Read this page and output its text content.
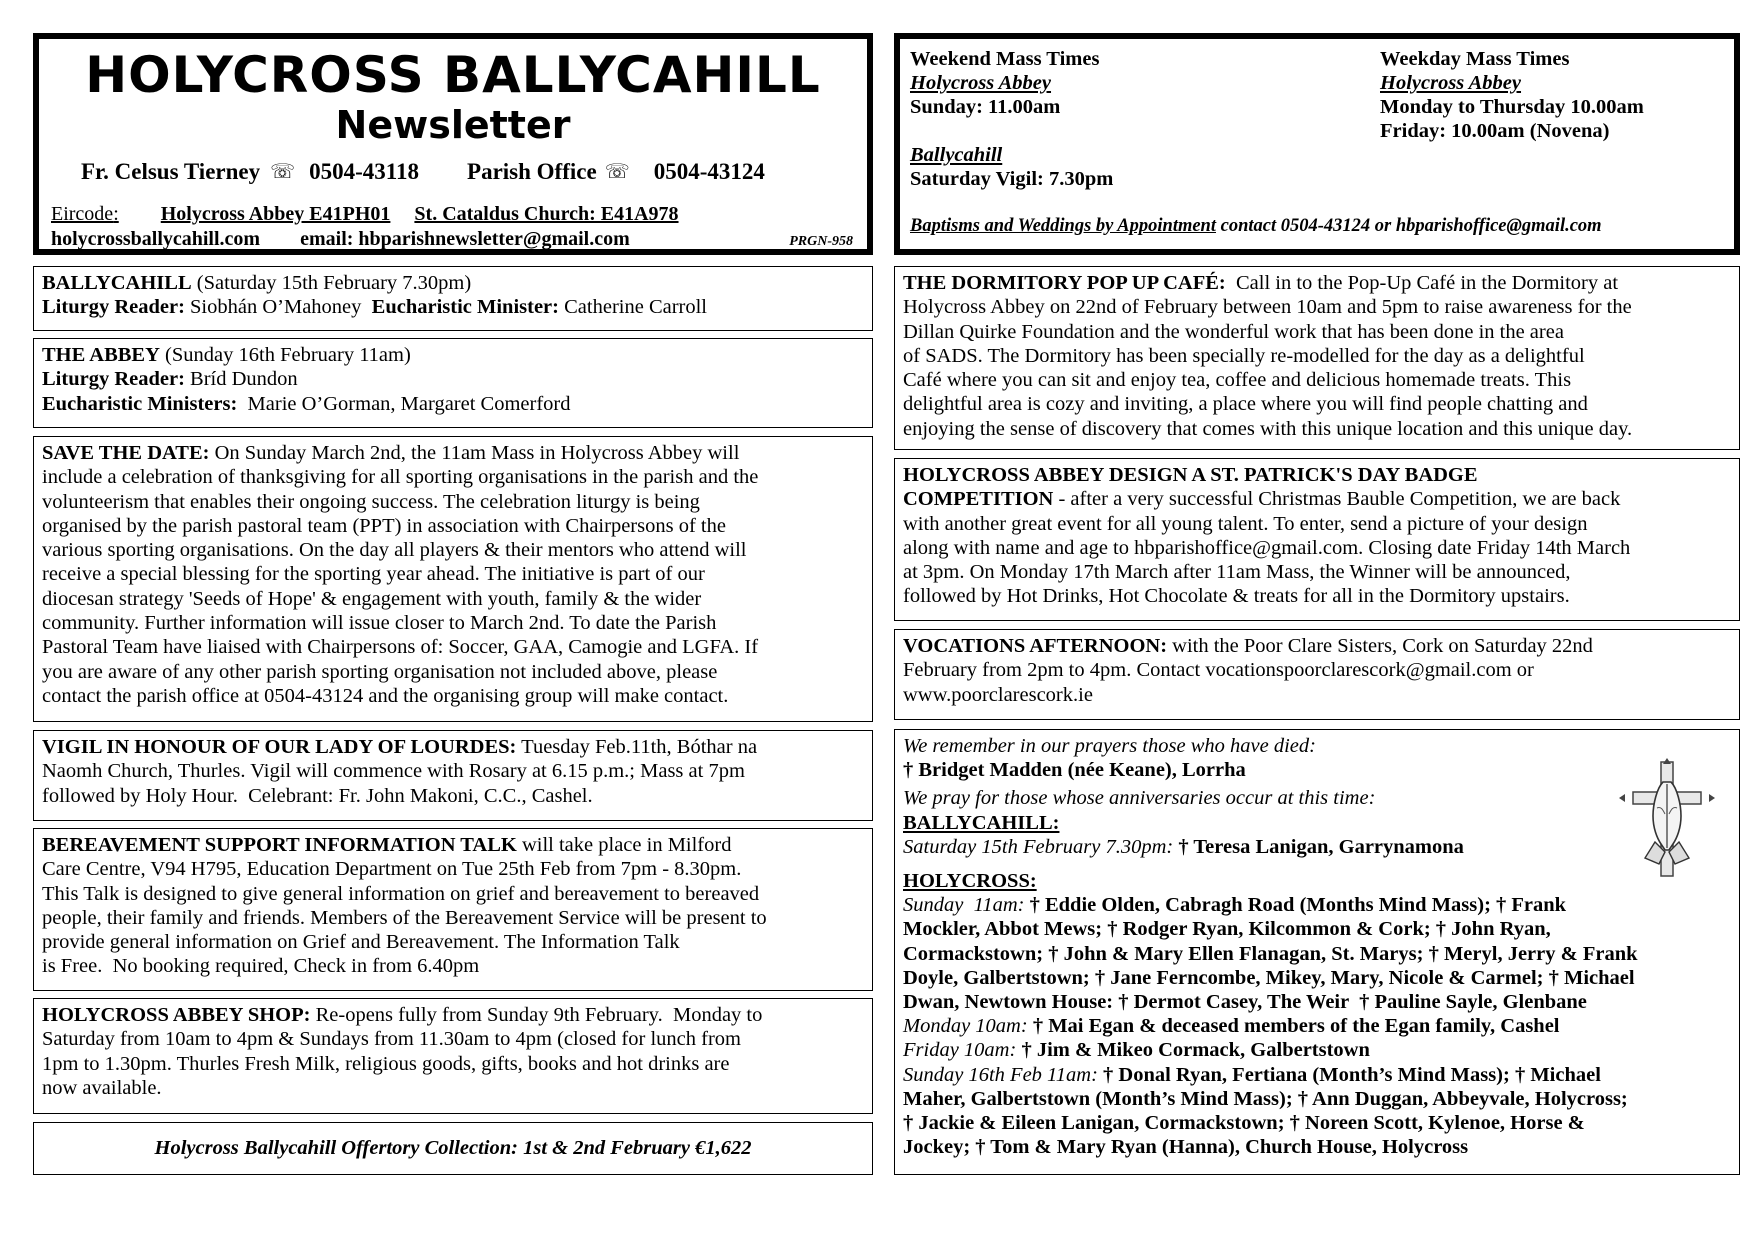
HOLYCROSS BALLYCAHILL
Newsletter
Fr. Celsus Tierney ☏ 0504-43118 Parish Office ☏ 0504-43124
Eircode : Holycross Abbey E41PH01 St. Cataldus Church: E41A978
holycrossballycahill.com email: hbparishnewsletter@gmail.com	PRGN-958
BALLYCAHILL (Saturday 15th February 7.30pm)
Liturgy Reader: Siobhán O’Mahoney  Eucharistic Minister: Catherine Carroll
THE ABBEY (Sunday 16th February 11am)
Liturgy Reader: Bríd Dundon
Eucharistic Ministers:  Marie O’Gorman, Margaret Comerford
SAVE THE DATE: On Sunday March 2nd, the 11am Mass in Holycross Abbey will
include a celebration of thanksgiving for all sporting organisations in the parish and the
volunteerism that enables their ongoing success. The celebration liturgy is being
organised by the parish pastoral team (PPT) in association with Chairpersons of the
various sporting organisations. On the day all players & their mentors who attend will
receive a special blessing for the sporting year ahead. The initiative is part of our
diocesan strategy 'Seeds of Hope' & engagement with youth, family & the wider
community. Further information will issue closer to March 2nd. To date the Parish
Pastoral Team have liaised with Chairpersons of: Soccer, GAA, Camogie and LGFA. If
you are aware of any other parish sporting organisation not included above, please
contact the parish office at 0504-43124 and the organising group will make contact.
VIGIL IN HONOUR OF OUR LADY OF LOURDES: Tuesday Feb.11th, Bóthar na
Naomh Church, Thurles. Vigil will commence with Rosary at 6.15 p.m.; Mass at 7pm
followed by Holy Hour.  Celebrant: Fr. John Makoni, C.C., Cashel.
BEREAVEMENT SUPPORT INFORMATION TALK will take place in Milford
Care Centre, V94 H795, Education Department on Tue 25th Feb from 7pm - 8.30pm.
This Talk is designed to give general information on grief and bereavement to bereaved
people, their family and friends. Members of the Bereavement Service will be present to
provide general information on Grief and Bereavement. The Information Talk
is Free.  No booking required, Check in from 6.40pm
HOLYCROSS ABBEY SHOP: Re-opens fully from Sunday 9th February.  Monday to
Saturday from 10am to 4pm & Sundays from 11.30am to 4pm (closed for lunch from
1pm to 1.30pm. Thurles Fresh Milk, religious goods, gifts, books and hot drinks are
now available.
Holycross Ballycahill Offertory Collection: 1st & 2nd February €1,622
Weekend Mass Times
Holycross Abbey
Sunday: 11.00am
Ballycahill
Saturday Vigil: 7.30pm
Weekday Mass Times
Holycross Abbey
Monday to Thursday 10.00am
Friday: 10.00am (Novena)
Baptisms and Weddings by Appointment contact 0504-43124 or hbparishoffice@gmail.com
THE DORMITORY POP UP CAFÉ:  Call in to the Pop-Up Café in the Dormitory at
Holycross Abbey on 22nd of February between 10am and 5pm to raise awareness for the
Dillan Quirke Foundation and the wonderful work that has been done in the area
of SADS. The Dormitory has been specially re-modelled for the day as a delightful
Café where you can sit and enjoy tea, coffee and delicious homemade treats. This
delightful area is cozy and inviting, a place where you will find people chatting and
enjoying the sense of discovery that comes with this unique location and this unique day.
HOLYCROSS ABBEY DESIGN A ST. PATRICK'S DAY BADGE
COMPETITION - after a very successful Christmas Bauble Competition, we are back
with another great event for all young talent. To enter, send a picture of your design
along with name and age to hbparishoffice@gmail.com. Closing date Friday 14th March
at 3pm. On Monday 17th March after 11am Mass, the Winner will be announced,
followed by Hot Drinks, Hot Chocolate & treats for all in the Dormitory upstairs.
VOCATIONS AFTERNOON: with the Poor Clare Sisters, Cork on Saturday 22nd
February from 2pm to 4pm. Contact vocationspoorclarescork@gmail.com or
www.poorclarescork.ie
We remember in our prayers those who have died:
† Bridget Madden (née Keane), Lorrha
We pray for those whose anniversaries occur at this time:
BALLYCAHILL:
Saturday 15th February 7.30pm: † Teresa Lanigan, Garrynamona
HOLYCROSS:
Sunday  11am: † Eddie Olden, Cabragh Road (Months Mind Mass); † Frank
Mockler, Abbot Mews; † Rodger Ryan, Kilcommon & Cork; † John Ryan,
Cormackstown; † John & Mary Ellen Flanagan, St. Marys; † Meryl, Jerry & Frank
Doyle, Galbertstown; † Jane Ferncombe, Mikey, Mary, Nicole & Carmel; † Michael
Dwan, Newtown House: † Dermot Casey, The Weir  † Pauline Sayle, Glenbane
Monday 10am: † Mai Egan & deceased members of the Egan family, Cashel
Friday 10am: † Jim & Mikeo Cormack, Galbertstown
Sunday 16th Feb 11am: † Donal Ryan, Fertiana (Month’s Mind Mass); † Michael
Maher, Galbertstown (Month’s Mind Mass); † Ann Duggan, Abbeyvale, Holycross;
† Jackie & Eileen Lanigan, Cormackstown; † Noreen Scott, Kylenoe, Horse &
Jockey; † Tom & Mary Ryan (Hanna), Church House, Holycross
